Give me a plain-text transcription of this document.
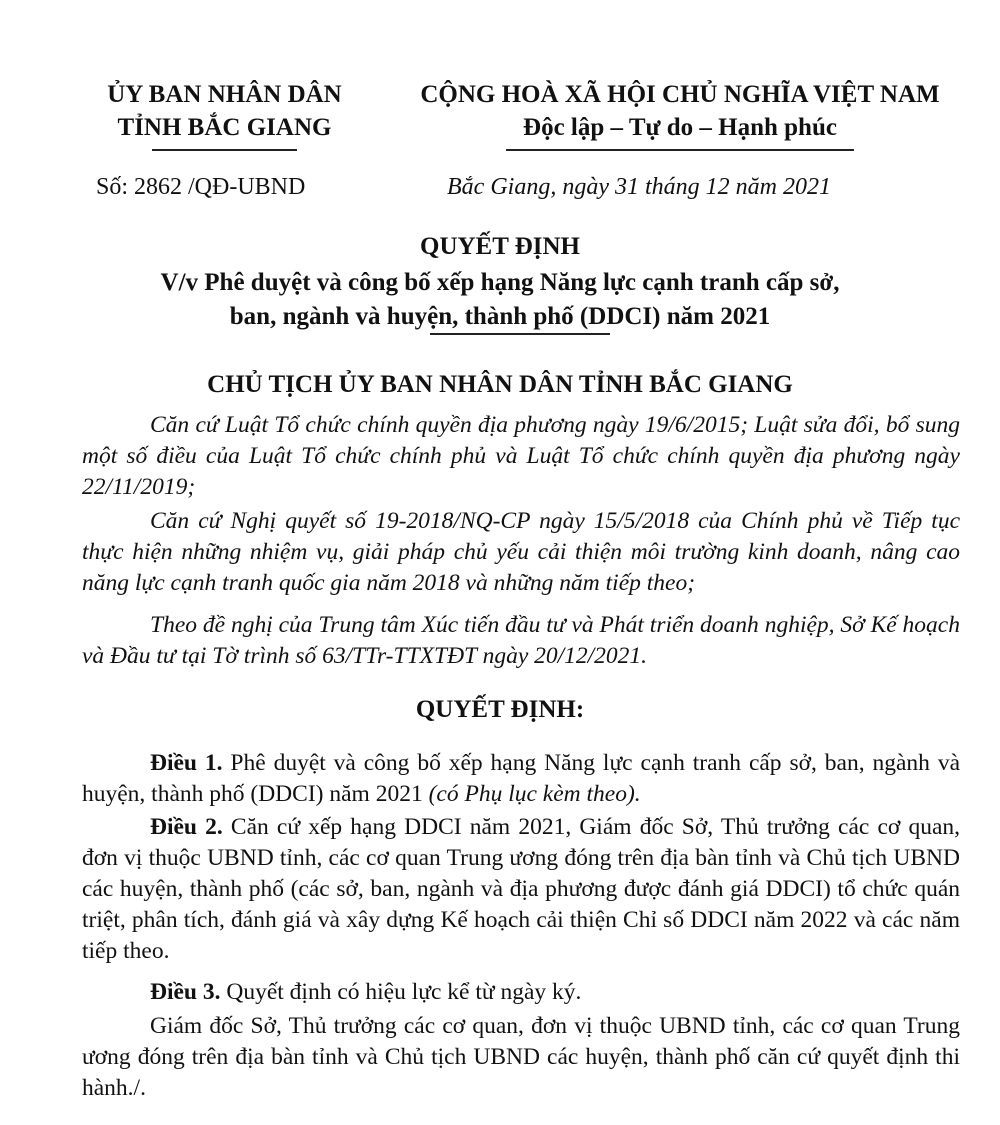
ỦY BAN NHÂN DÂN
TỈNH BẮC GIANG
CỘNG HOÀ XÃ HỘI CHỦ NGHĨA VIỆT NAM
Độc lập – Tự do – Hạnh phúc
Số: 2862 /QĐ-UBND	Bắc Giang, ngày 31 tháng 12 năm 2021
QUYẾT ĐỊNH
V/v Phê duyệt và công bố xếp hạng Năng lực cạnh tranh cấp sở,
ban, ngành và huyện, thành phố (DDCI) năm 2021
CHỦ TỊCH ỦY BAN NHÂN DÂN TỈNH BẮC GIANG
Căn cứ Luật Tổ chức chính quyền địa phương ngày 19/6/2015; Luật sửa đổi, bổ sung một số điều của Luật Tổ chức chính phủ và Luật Tổ chức chính quyền địa phương ngày 22/11/2019;
Căn cứ Nghị quyết số 19-2018/NQ-CP ngày 15/5/2018 của Chính phủ về Tiếp tục thực hiện những nhiệm vụ, giải pháp chủ yếu cải thiện môi trường kinh doanh, nâng cao năng lực cạnh tranh quốc gia năm 2018 và những năm tiếp theo;
Theo đề nghị của Trung tâm Xúc tiến đầu tư và Phát triển doanh nghiệp, Sở Kế hoạch và Đầu tư tại Tờ trình số 63/TTr-TTXTĐT ngày 20/12/2021.
QUYẾT ĐỊNH:
Điều 1. Phê duyệt và công bố xếp hạng Năng lực cạnh tranh cấp sở, ban, ngành và huyện, thành phố (DDCI) năm 2021 (có Phụ lục kèm theo).
Điều 2. Căn cứ xếp hạng DDCI năm 2021, Giám đốc Sở, Thủ trưởng các cơ quan, đơn vị thuộc UBND tỉnh, các cơ quan Trung ương đóng trên địa bàn tỉnh và Chủ tịch UBND các huyện, thành phố (các sở, ban, ngành và địa phương được đánh giá DDCI) tổ chức quán triệt, phân tích, đánh giá và xây dựng Kế hoạch cải thiện Chỉ số DDCI năm 2022 và các năm tiếp theo.
Điều 3. Quyết định có hiệu lực kể từ ngày ký.
Giám đốc Sở, Thủ trưởng các cơ quan, đơn vị thuộc UBND tỉnh, các cơ quan Trung ương đóng trên địa bàn tỉnh và Chủ tịch UBND các huyện, thành phố căn cứ quyết định thi hành./.
